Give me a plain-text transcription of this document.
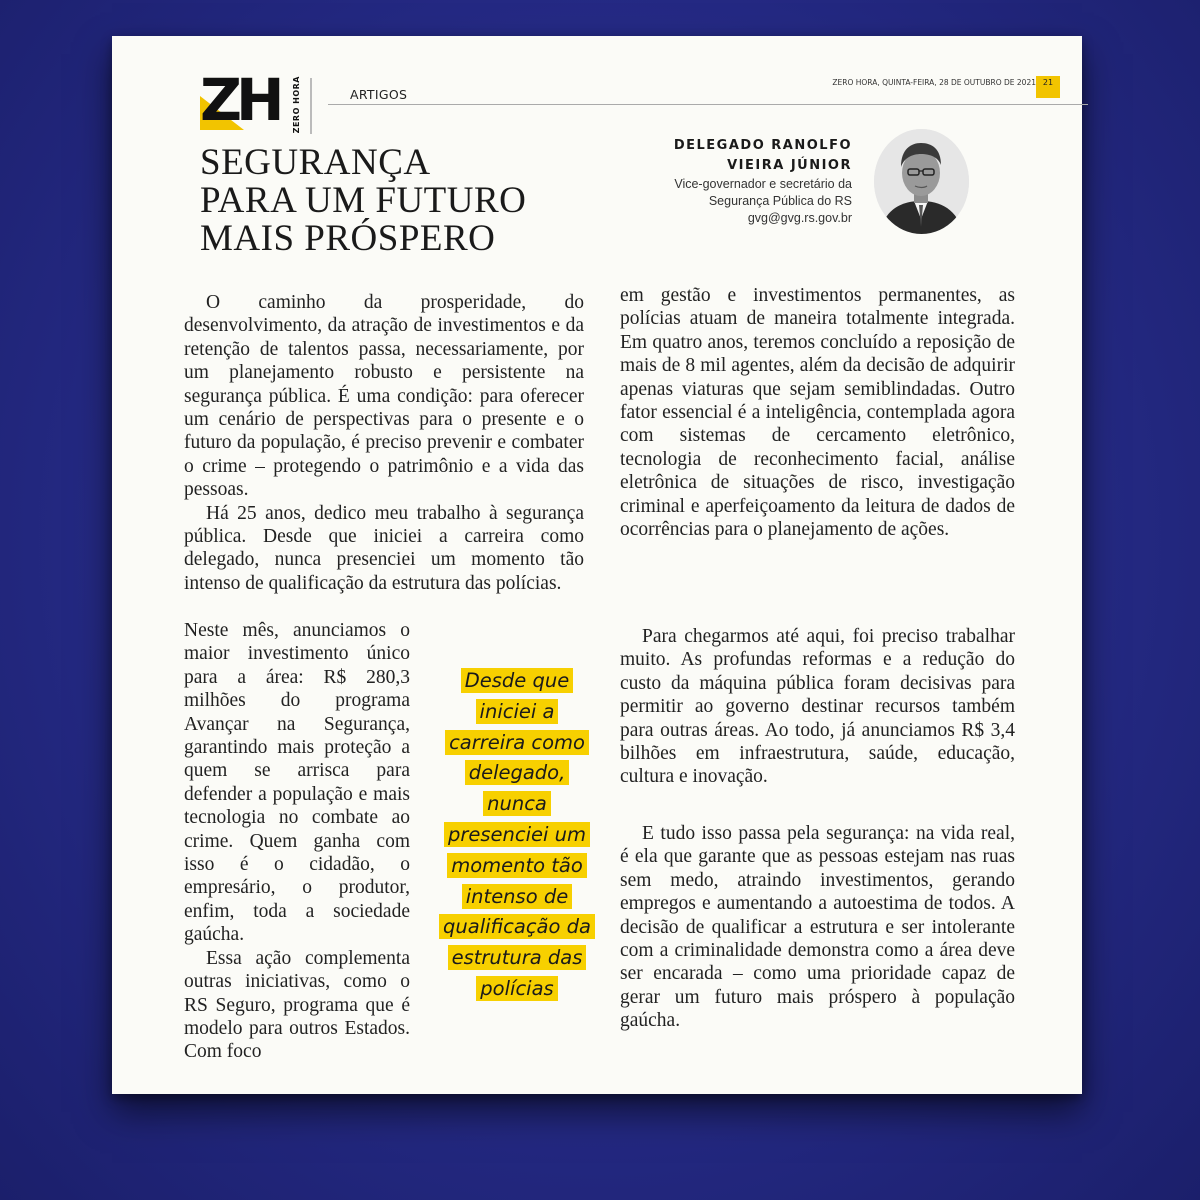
ZH ZERO HORA	ARTIGOS
ZERO HORA, QUINTA-FEIRA, 28 DE OUTUBRO DE 2021 21
SEGURANÇA
PARA UM FUTURO
MAIS PRÓSPERO
DELEGADO RANOLFO
VIEIRA JÚNIOR
Vice-governador e secretário da
Segurança Pública do RS
gvg@gvg.rs.gov.br

O caminho da prosperidade, do desenvolvimento, da atração de investimentos e da retenção de talentos passa, necessariamente, por um planejamento robusto e persistente na segurança pública. É uma condição: para oferecer um cenário de perspectivas para o presente e o futuro da população, é preciso prevenir e combater o crime – protegendo o patrimônio e a vida das pessoas.

Há 25 anos, dedico meu trabalho à segurança pública. Desde que iniciei a carreira como delegado, nunca presenciei um momento tão intenso de qualificação da estrutura das polícias.

Neste mês, anunciamos o maior investimento único para a área: R$ 280,3 milhões do programa Avançar na Segurança, garantindo mais proteção a quem se arrisca para defender a população e mais tecnologia no combate ao crime. Quem ganha com isso é o cidadão, o empresário, o produtor, enfim, toda a sociedade gaúcha.

Essa ação complementa outras iniciativas, como o RS Seguro, programa que é modelo para outros Estados. Com foco

Desde que
iniciei a
carreira como
delegado,
nunca
presenciei um
momento tão
intenso de
qualificação da
estrutura das
polícias

em gestão e investimentos permanentes, as polícias atuam de maneira totalmente integrada. Em quatro anos, teremos concluído a reposição de mais de 8 mil agentes, além da decisão de adquirir apenas viaturas que sejam semiblindadas. Outro fator essencial é a inteligência, contemplada agora com sistemas de cercamento eletrônico, tecnologia de reconhecimento facial, análise eletrônica de situações de risco, investigação criminal e aperfeiçoamento da leitura de dados de ocorrências para o planejamento de ações.

Para chegarmos até aqui, foi preciso trabalhar muito. As profundas reformas e a redução do custo da máquina pública foram decisivas para permitir ao governo destinar recursos também para outras áreas. Ao todo, já anunciamos R$ 3,4 bilhões em infraestrutura, saúde, educação, cultura e inovação.

E tudo isso passa pela segurança: na vida real, é ela que garante que as pessoas estejam nas ruas sem medo, atraindo investimentos, gerando empregos e aumentando a autoestima de todos. A decisão de qualificar a estrutura e ser intolerante com a criminalidade demonstra como a área deve ser encarada – como uma prioridade capaz de gerar um futuro mais próspero à população gaúcha.
